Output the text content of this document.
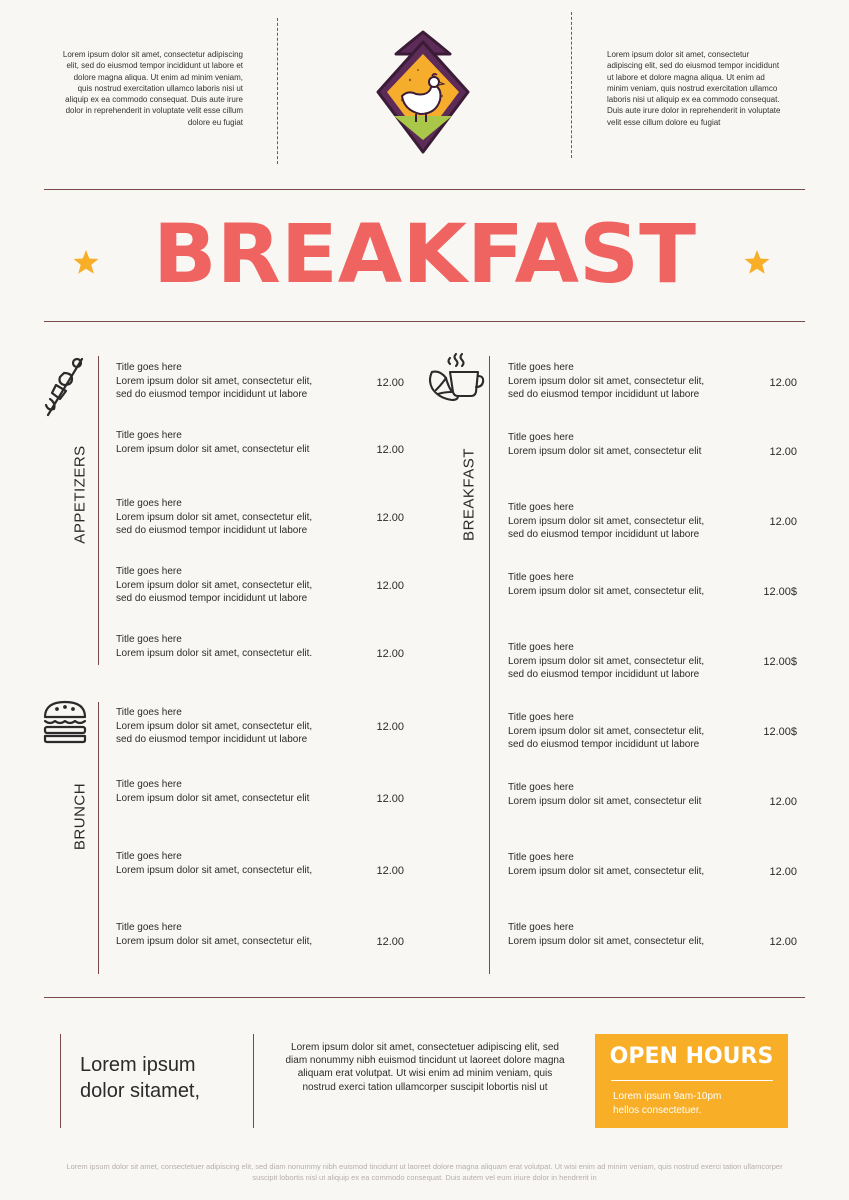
Lorem ipsum dolor sit amet, consectetur adipiscing elit, sed do eiusmod tempor incididunt ut labore et dolore magna aliqua. Ut enim ad minim veniam, quis nostrud exercitation ullamco laboris nisi ut aliquip ex ea commodo consequat. Duis aute irure dolor in reprehenderit in voluptate velit esse cillum dolore eu fugiat
Lorem ipsum dolor sit amet, consectetur adipiscing elit, sed do eiusmod tempor incididunt ut labore et dolore magna aliqua. Ut enim ad minim veniam, quis nostrud exercitation ullamco laboris nisi ut aliquip ex ea commodo consequat. Duis aute irure dolor in reprehenderit in voluptate velit esse cillum dolore eu fugiat
BREAKFAST
APPETIZERS
Title goes here
Lorem ipsum dolor sit amet, consectetur elit,
sed do eiusmod tempor incididunt ut labore
12.00
Title goes here
Lorem ipsum dolor sit amet, consectetur elit	12.00
Title goes here
Lorem ipsum dolor sit amet, consectetur elit,
sed do eiusmod tempor incididunt ut labore
12.00
Title goes here
Lorem ipsum dolor sit amet, consectetur elit,
sed do eiusmod tempor incididunt ut labore
12.00
Title goes here
Lorem ipsum dolor sit amet, consectetur elit.	12.00
BRUNCH
Title goes here
Lorem ipsum dolor sit amet, consectetur elit,
sed do eiusmod tempor incididunt ut labore
12.00
Title goes here
Lorem ipsum dolor sit amet, consectetur elit	12.00
Title goes here
Lorem ipsum dolor sit amet, consectetur elit,	12.00
Title goes here
Lorem ipsum dolor sit amet, consectetur elit,	12.00
BREAKFAST
Title goes here
Lorem ipsum dolor sit amet, consectetur elit,
sed do eiusmod tempor incididunt ut labore
12.00
Title goes here
Lorem ipsum dolor sit amet, consectetur elit	12.00
Title goes here
Lorem ipsum dolor sit amet, consectetur elit,
sed do eiusmod tempor incididunt ut labore
12.00
Title goes here
Lorem ipsum dolor sit amet, consectetur elit,	12.00$
Title goes here
Lorem ipsum dolor sit amet, consectetur elit,
sed do eiusmod tempor incididunt ut labore
12.00$
Title goes here
Lorem ipsum dolor sit amet, consectetur elit,
sed do eiusmod tempor incididunt ut labore
12.00$
Title goes here
Lorem ipsum dolor sit amet, consectetur elit	12.00
Title goes here
Lorem ipsum dolor sit amet, consectetur elit,	12.00
Title goes here
Lorem ipsum dolor sit amet, consectetur elit,	12.00
Lorem ipsum
dolor sitamet,
Lorem ipsum dolor sit amet, consectetuer adipiscing elit, sed diam nonummy nibh euismod tincidunt ut laoreet dolore magna aliquam erat volutpat. Ut wisi enim ad minim veniam, quis nostrud exerci tation ullamcorper suscipit lobortis nisl ut
OPEN HOURS
Lorem ipsum 9am-10pm
hellos consectetuer.
Lorem ipsum dolor sit amet, consectetuer adipiscing elit, sed diam nonummy nibh euismod tincidunt ut laoreet dolore magna aliquam erat volutpat. Ut wisi enim ad minim veniam, quis nostrud exerci tation ullamcorper suscipit lobortis nisl ut aliquip ex ea commodo consequat. Duis autem vel eum iriure dolor in hendrerit in
